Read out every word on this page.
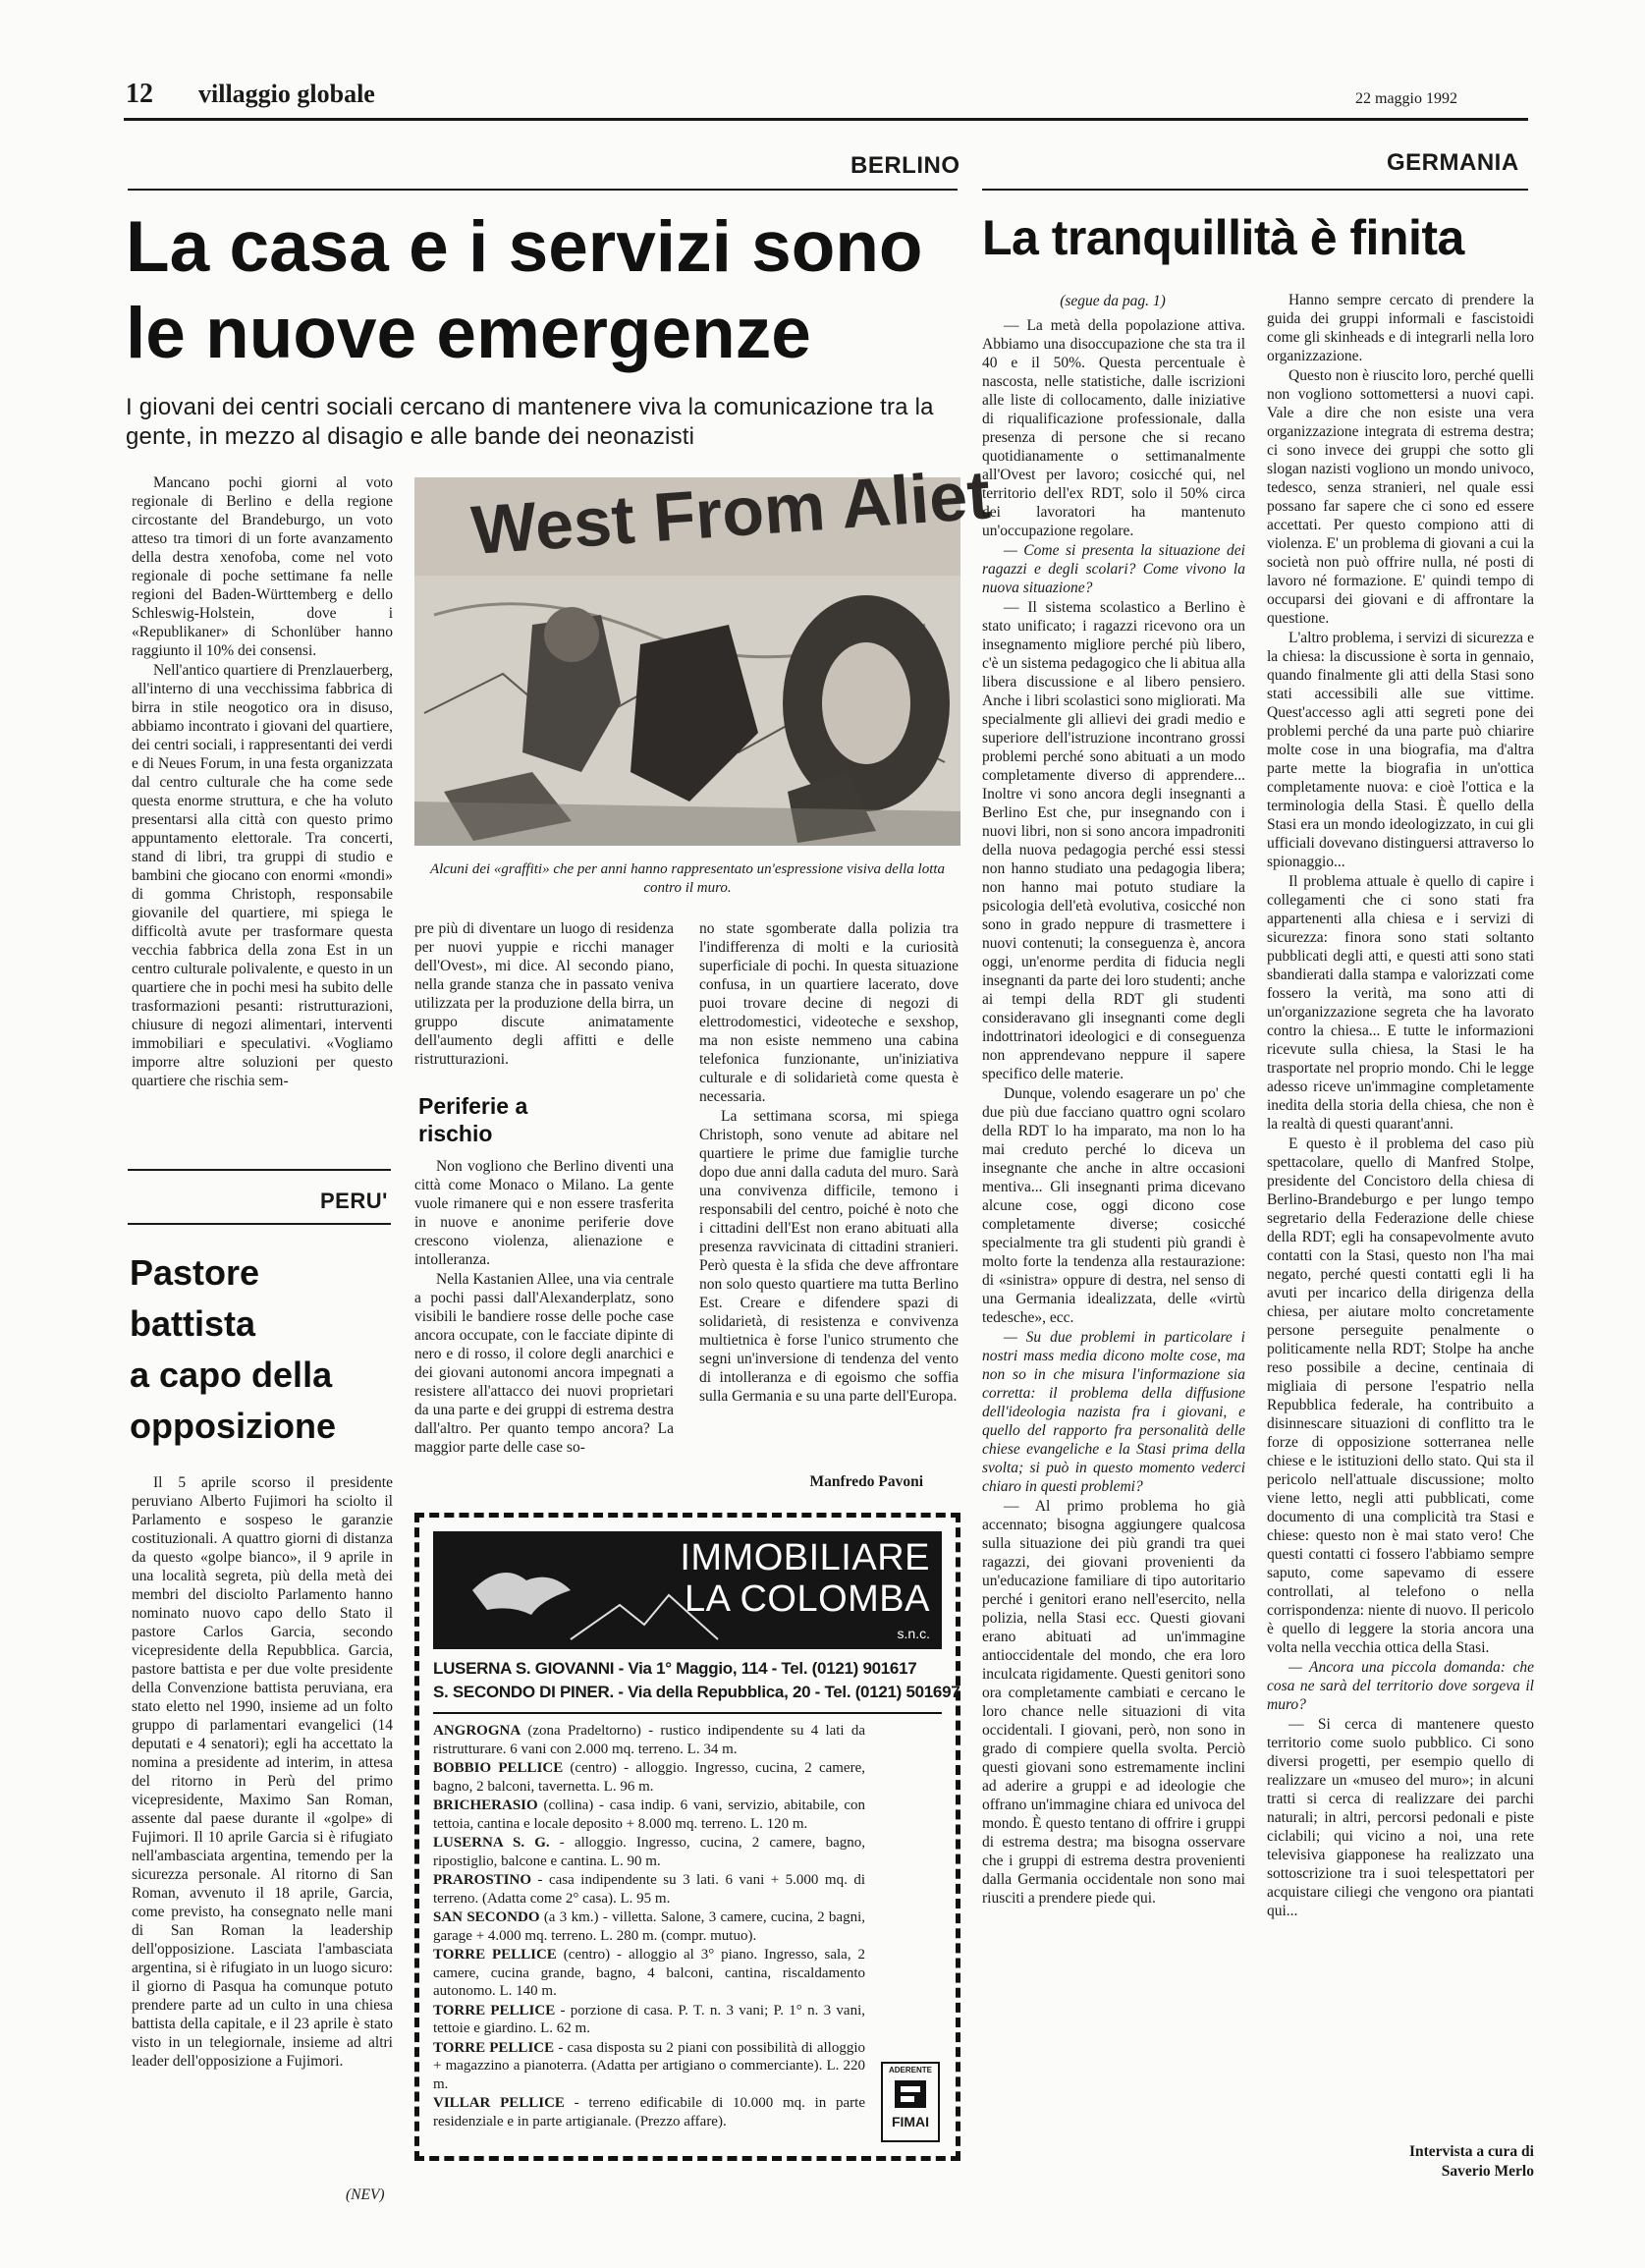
12 villaggio globale	22 maggio 1992
BERLINO
La casa e i servizi sono
le nuove emergenze
I giovani dei centri sociali cercano di mantenere viva la comunicazione tra la gente, in mezzo al disagio e alle bande dei neonazisti

Mancano pochi giorni al voto regionale di Berlino e della regione circostante del Brandeburgo, un voto atteso tra timori di un forte avanzamento della destra xenofoba, come nel voto regionale di poche settimane fa nelle regioni del Baden-Württemberg e dello Schleswig-Holstein, dove i «Republikaner» di Schonlüber hanno raggiunto il 10% dei consensi.

Nell'antico quartiere di Prenzlauerberg, all'interno di una vecchissima fabbrica di birra in stile neogotico ora in disuso, abbiamo incontrato i giovani del quartiere, dei centri sociali, i rappresentanti dei verdi e di Neues Forum, in una festa organizzata dal centro culturale che ha come sede questa enorme struttura, e che ha voluto presentarsi alla città con questo primo appuntamento elettorale. Tra concerti, stand di libri, tra gruppi di studio e bambini che giocano con enormi «mondi» di gomma Christoph, responsabile giovanile del quartiere, mi spiega le difficoltà avute per trasformare questa vecchia fabbrica della zona Est in un centro culturale polivalente, e questo in un quartiere che in pochi mesi ha subito delle trasformazioni pesanti: ristrutturazioni, chiusure di negozi alimentari, interventi immobiliari e speculativi. «Vogliamo imporre altre soluzioni per questo quartiere che rischia sem-

West From Aliet
Alcuni dei «graffiti» che per anni hanno rappresentato un'espressione visiva della lotta contro il muro.

pre più di diventare un luogo di residenza per nuovi yuppie e ricchi manager dell'Ovest», mi dice. Al secondo piano, nella grande stanza che in passato veniva utilizzata per la produzione della birra, un gruppo discute animatamente dell'aumento degli affitti e delle ristrutturazioni.

Periferie a rischio

Non vogliono che Berlino diventi una città come Monaco o Milano. La gente vuole rimanere qui e non essere trasferita in nuove e anonime periferie dove crescono violenza, alienazione e intolleranza.

Nella Kastanien Allee, una via centrale a pochi passi dall'Alexanderplatz, sono visibili le bandiere rosse delle poche case ancora occupate, con le facciate dipinte di nero e di rosso, il colore degli anarchici e dei giovani autonomi ancora impegnati a resistere all'attacco dei nuovi proprietari da una parte e dei gruppi di estrema destra dall'altro. Per quanto tempo ancora? La maggior parte delle case so-

no state sgomberate dalla polizia tra l'indifferenza di molti e la curiosità superficiale di pochi. In questa situazione confusa, in un quartiere lacerato, dove puoi trovare decine di negozi di elettrodomestici, videoteche e sexshop, ma non esiste nemmeno una cabina telefonica funzionante, un'iniziativa culturale e di solidarietà come questa è necessaria.

La settimana scorsa, mi spiega Christoph, sono venute ad abitare nel quartiere le prime due famiglie turche dopo due anni dalla caduta del muro. Sarà una convivenza difficile, temono i responsabili del centro, poiché è noto che i cittadini dell'Est non erano abituati alla presenza ravvicinata di cittadini stranieri. Però questa è la sfida che deve affrontare non solo questo quartiere ma tutta Berlino Est. Creare e difendere spazi di solidarietà, di resistenza e convivenza multietnica è forse l'unico strumento che segni un'inversione di tendenza del vento di intolleranza e di egoismo che soffia sulla Germania e su una parte dell'Europa.

Manfredo Pavoni
PERU'
Pastore
battista
a capo della
opposizione

Il 5 aprile scorso il presidente peruviano Alberto Fujimori ha sciolto il Parlamento e sospeso le garanzie costituzionali. A quattro giorni di distanza da questo «golpe bianco», il 9 aprile in una località segreta, più della metà dei membri del disciolto Parlamento hanno nominato nuovo capo dello Stato il pastore Carlos Garcia, secondo vicepresidente della Repubblica. Garcia, pastore battista e per due volte presidente della Convenzione battista peruviana, era stato eletto nel 1990, insieme ad un folto gruppo di parlamentari evangelici (14 deputati e 4 senatori); egli ha accettato la nomina a presidente ad interim, in attesa del ritorno in Perù del primo vicepresidente, Maximo San Roman, assente dal paese durante il «golpe» di Fujimori. Il 10 aprile Garcia si è rifugiato nell'ambasciata argentina, temendo per la sicurezza personale. Al ritorno di San Roman, avvenuto il 18 aprile, Garcia, come previsto, ha consegnato nelle mani di San Roman la leadership dell'opposizione. Lasciata l'ambasciata argentina, si è rifugiato in un luogo sicuro: il giorno di Pasqua ha comunque potuto prendere parte ad un culto in una chiesa battista della capitale, e il 23 aprile è stato visto in un telegiornale, insieme ad altri leader dell'opposizione a Fujimori.

(NEV)
IMMOBILIARE
LA COLOMBA
s.n.c.
LUSERNA S. GIOVANNI - Via 1° Maggio, 114 - Tel. (0121) 901617
S. SECONDO DI PINER. - Via della Repubblica, 20 - Tel. (0121) 501697

ANGROGNA (zona Pradeltorno) - rustico indipendente su 4 lati da ristrutturare. 6 vani con 2.000 mq. terreno. L. 34 m.

BOBBIO PELLICE (centro) - alloggio. Ingresso, cucina, 2 camere, bagno, 2 balconi, tavernetta. L. 96 m.

BRICHERASIO (collina) - casa indip. 6 vani, servizio, abitabile, con tettoia, cantina e locale deposito + 8.000 mq. terreno. L. 120 m.

LUSERNA S. G. - alloggio. Ingresso, cucina, 2 camere, bagno, ripostiglio, balcone e cantina. L. 90 m.

PRAROSTINO - casa indipendente su 3 lati. 6 vani + 5.000 mq. di terreno. (Adatta come 2° casa). L. 95 m.

SAN SECONDO (a 3 km.) - villetta. Salone, 3 camere, cucina, 2 bagni, garage + 4.000 mq. terreno. L. 280 m. (compr. mutuo).

TORRE PELLICE (centro) - alloggio al 3° piano. Ingresso, sala, 2 camere, cucina grande, bagno, 4 balconi, cantina, riscaldamento autonomo. L. 140 m.

TORRE PELLICE - porzione di casa. P. T. n. 3 vani; P. 1° n. 3 vani, tettoie e giardino. L. 62 m.

TORRE PELLICE - casa disposta su 2 piani con possibilità di alloggio + magazzino a pianoterra. (Adatta per artigiano o commerciante). L. 220 m.

VILLAR PELLICE - terreno edificabile di 10.000 mq. in parte residenziale e in parte artigianale. (Prezzo affare).

ADERENTE
FIMAI
GERMANIA
La tranquillità è finita
(segue da pag. 1)

— La metà della popolazione attiva. Abbiamo una disoccupazione che sta tra il 40 e il 50%. Questa percentuale è nascosta, nelle statistiche, dalle iscrizioni alle liste di collocamento, dalle iniziative di riqualificazione professionale, dalla presenza di persone che si recano quotidianamente o settimanalmente all'Ovest per lavoro; cosicché qui, nel territorio dell'ex RDT, solo il 50% circa dei lavoratori ha mantenuto un'occupazione regolare.

— Come si presenta la situazione dei ragazzi e degli scolari? Come vivono la nuova situazione?

— Il sistema scolastico a Berlino è stato unificato; i ragazzi ricevono ora un insegnamento migliore perché più libero, c'è un sistema pedagogico che li abitua alla libera discussione e al libero pensiero. Anche i libri scolastici sono migliorati. Ma specialmente gli allievi dei gradi medio e superiore dell'istruzione incontrano grossi problemi perché sono abituati a un modo completamente diverso di apprendere... Inoltre vi sono ancora degli insegnanti a Berlino Est che, pur insegnando con i nuovi libri, non si sono ancora impadroniti della nuova pedagogia perché essi stessi non hanno studiato una pedagogia libera; non hanno mai potuto studiare la psicologia dell'età evolutiva, cosicché non sono in grado neppure di trasmettere i nuovi contenuti; la conseguenza è, ancora oggi, un'enorme perdita di fiducia negli insegnanti da parte dei loro studenti; anche ai tempi della RDT gli studenti consideravano gli insegnanti come degli indottrinatori ideologici e di conseguenza non apprendevano neppure il sapere specifico delle materie.

Dunque, volendo esagerare un po' che due più due facciano quattro ogni scolaro della RDT lo ha imparato, ma non lo ha mai creduto perché lo diceva un insegnante che anche in altre occasioni mentiva... Gli insegnanti prima dicevano alcune cose, oggi dicono cose completamente diverse; cosicché specialmente tra gli studenti più grandi è molto forte la tendenza alla restaurazione: di «sinistra» oppure di destra, nel senso di una Germania idealizzata, delle «virtù tedesche», ecc.

— Su due problemi in particolare i nostri mass media dicono molte cose, ma non so in che misura l'informazione sia corretta: il problema della diffusione dell'ideologia nazista fra i giovani, e quello del rapporto fra personalità delle chiese evangeliche e la Stasi prima della svolta; si può in questo momento vederci chiaro in questi problemi?

— Al primo problema ho già accennato; bisogna aggiungere qualcosa sulla situazione dei più grandi tra quei ragazzi, dei giovani provenienti da un'educazione familiare di tipo autoritario perché i genitori erano nell'esercito, nella polizia, nella Stasi ecc. Questi giovani erano abituati ad un'immagine antioccidentale del mondo, che era loro inculcata rigidamente. Questi genitori sono ora completamente cambiati e cercano le loro chance nelle situazioni di vita occidentali. I giovani, però, non sono in grado di compiere quella svolta. Perciò questi giovani sono estremamente inclini ad aderire a gruppi e ad ideologie che offrano un'immagine chiara ed univoca del mondo. È questo tentano di offrire i gruppi di estrema destra; ma bisogna osservare che i gruppi di estrema destra provenienti dalla Germania occidentale non sono mai riusciti a prendere piede qui.

Hanno sempre cercato di prendere la guida dei gruppi informali e fascistoidi come gli skinheads e di integrarli nella loro organizzazione.

Questo non è riuscito loro, perché quelli non vogliono sottomettersi a nuovi capi. Vale a dire che non esiste una vera organizzazione integrata di estrema destra; ci sono invece dei gruppi che sotto gli slogan nazisti vogliono un mondo univoco, tedesco, senza stranieri, nel quale essi possano far sapere che ci sono ed essere accettati. Per questo compiono atti di violenza. E' un problema di giovani a cui la società non può offrire nulla, né posti di lavoro né formazione. E' quindi tempo di occuparsi dei giovani e di affrontare la questione.

L'altro problema, i servizi di sicurezza e la chiesa: la discussione è sorta in gennaio, quando finalmente gli atti della Stasi sono stati accessibili alle sue vittime. Quest'accesso agli atti segreti pone dei problemi perché da una parte può chiarire molte cose in una biografia, ma d'altra parte mette la biografia in un'ottica completamente nuova: e cioè l'ottica e la terminologia della Stasi. È quello della Stasi era un mondo ideologizzato, in cui gli ufficiali dovevano distinguersi attraverso lo spionaggio...

Il problema attuale è quello di capire i collegamenti che ci sono stati fra appartenenti alla chiesa e i servizi di sicurezza: finora sono stati soltanto pubblicati degli atti, e questi atti sono stati sbandierati dalla stampa e valorizzati come fossero la verità, ma sono atti di un'organizzazione segreta che ha lavorato contro la chiesa... E tutte le informazioni ricevute sulla chiesa, la Stasi le ha trasportate nel proprio mondo. Chi le legge adesso riceve un'immagine completamente inedita della storia della chiesa, che non è la realtà di questi quarant'anni.

E questo è il problema del caso più spettacolare, quello di Manfred Stolpe, presidente del Concistoro della chiesa di Berlino-Brandeburgo e per lungo tempo segretario della Federazione delle chiese della RDT; egli ha consapevolmente avuto contatti con la Stasi, questo non l'ha mai negato, perché questi contatti egli li ha avuti per incarico della dirigenza della chiesa, per aiutare molto concretamente persone perseguite penalmente o politicamente nella RDT; Stolpe ha anche reso possibile a decine, centinaia di migliaia di persone l'espatrio nella Repubblica federale, ha contribuito a disinnescare situazioni di conflitto tra le forze di opposizione sotterranea nelle chiese e le istituzioni dello stato. Qui sta il pericolo nell'attuale discussione; molto viene letto, negli atti pubblicati, come documento di una complicità tra Stasi e chiese: questo non è mai stato vero! Che questi contatti ci fossero l'abbiamo sempre saputo, come sapevamo di essere controllati, al telefono o nella corrispondenza: niente di nuovo. Il pericolo è quello di leggere la storia ancora una volta nella vecchia ottica della Stasi.

— Ancora una piccola domanda: che cosa ne sarà del territorio dove sorgeva il muro?

— Si cerca di mantenere questo territorio come suolo pubblico. Ci sono diversi progetti, per esempio quello di realizzare un «museo del muro»; in alcuni tratti si cerca di realizzare dei parchi naturali; in altri, percorsi pedonali e piste ciclabili; qui vicino a noi, una rete televisiva giapponese ha realizzato una sottoscrizione tra i suoi telespettatori per acquistare ciliegi che vengono ora piantati qui...

Intervista a cura di
Saverio Merlo
